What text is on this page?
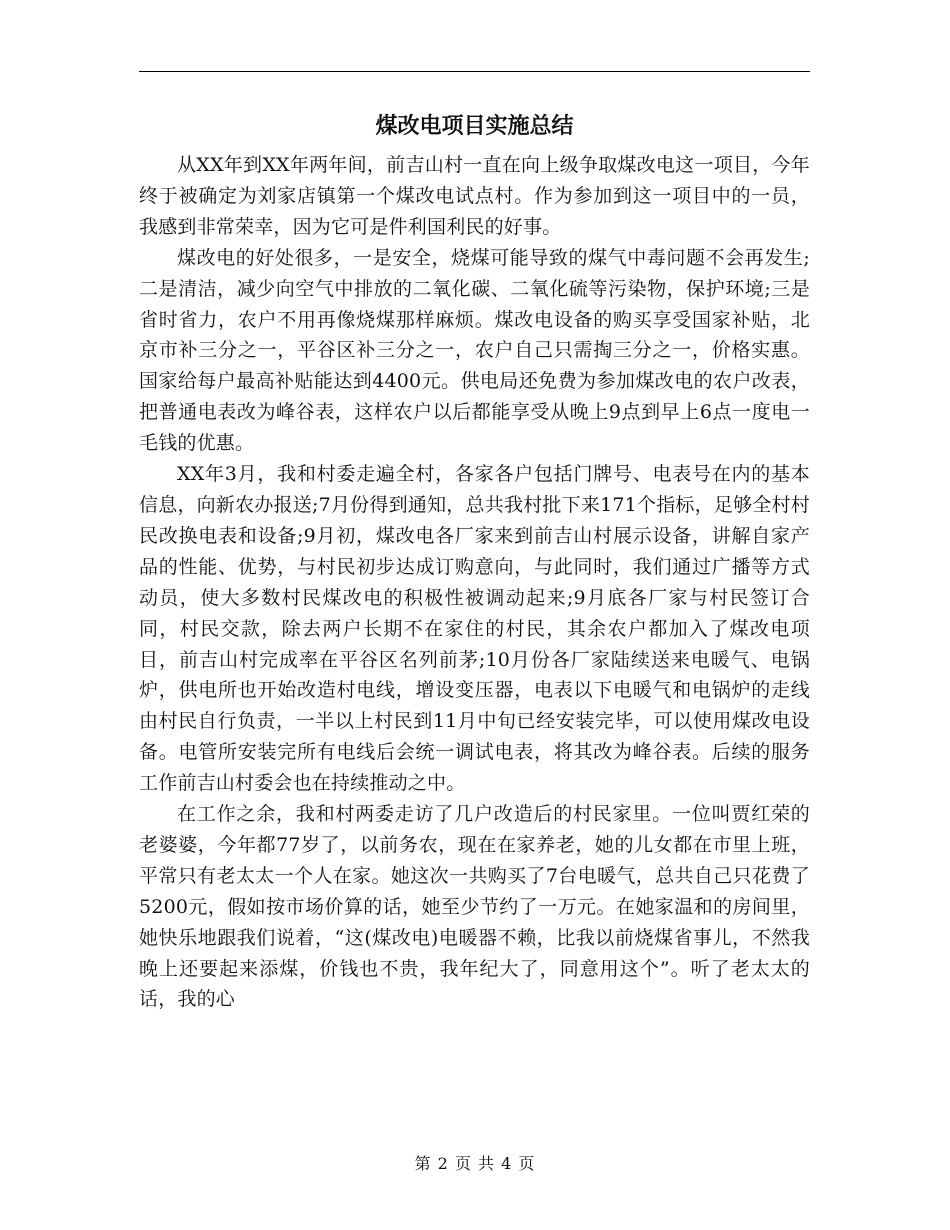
煤改电项目实施总结

从XX年到XX年两年间，前吉山村一直在向上级争取煤改电这一项目，今年终于被确定为刘家店镇第一个煤改电试点村。作为参加到这一项目中的一员，我感到非常荣幸，因为它可是件利国利民的好事。

煤改电的好处很多，一是安全，烧煤可能导致的煤气中毒问题不会再发生;二是清洁，减少向空气中排放的二氧化碳、二氧化硫等污染物，保护环境;三是省时省力，农户不用再像烧煤那样麻烦。煤改电设备的购买享受国家补贴，北京市补三分之一，平谷区补三分之一，农户自己只需掏三分之一，价格实惠。国家给每户最高补贴能达到4400元。供电局还免费为参加煤改电的农户改表，把普通电表改为峰谷表，这样农户以后都能享受从晚上9点到早上6点一度电一毛钱的优惠。

XX年3月，我和村委走遍全村，各家各户包括门牌号、电表号在内的基本信息，向新农办报送;7月份得到通知，总共我村批下来171个指标，足够全村村民改换电表和设备;9月初，煤改电各厂家来到前吉山村展示设备，讲解自家产品的性能、优势，与村民初步达成订购意向，与此同时，我们通过广播等方式动员，使大多数村民煤改电的积极性被调动起来;9月底各厂家与村民签订合同，村民交款，除去两户长期不在家住的村民，其余农户都加入了煤改电项目，前吉山村完成率在平谷区名列前茅;10月份各厂家陆续送来电暖气、电锅炉，供电所也开始改造村电线，增设变压器，电表以下电暖气和电锅炉的走线由村民自行负责，一半以上村民到11月中旬已经安装完毕，可以使用煤改电设备。电管所安装完所有电线后会统一调试电表，将其改为峰谷表。后续的服务工作前吉山村委会也在持续推动之中。

在工作之余，我和村两委走访了几户改造后的村民家里。一位叫贾红荣的老婆婆，今年都77岁了，以前务农，现在在家养老，她的儿女都在市里上班，平常只有老太太一个人在家。她这次一共购买了7台电暖气，总共自己只花费了5200元，假如按市场价算的话，她至少节约了一万元。在她家温和的房间里，她快乐地跟我们说着，“这(煤改电)电暖器不赖，比我以前烧煤省事儿，不然我晚上还要起来添煤，价钱也不贵，我年纪大了，同意用这个”。听了老太太的话，我的心

第 2 页 共 4 页
